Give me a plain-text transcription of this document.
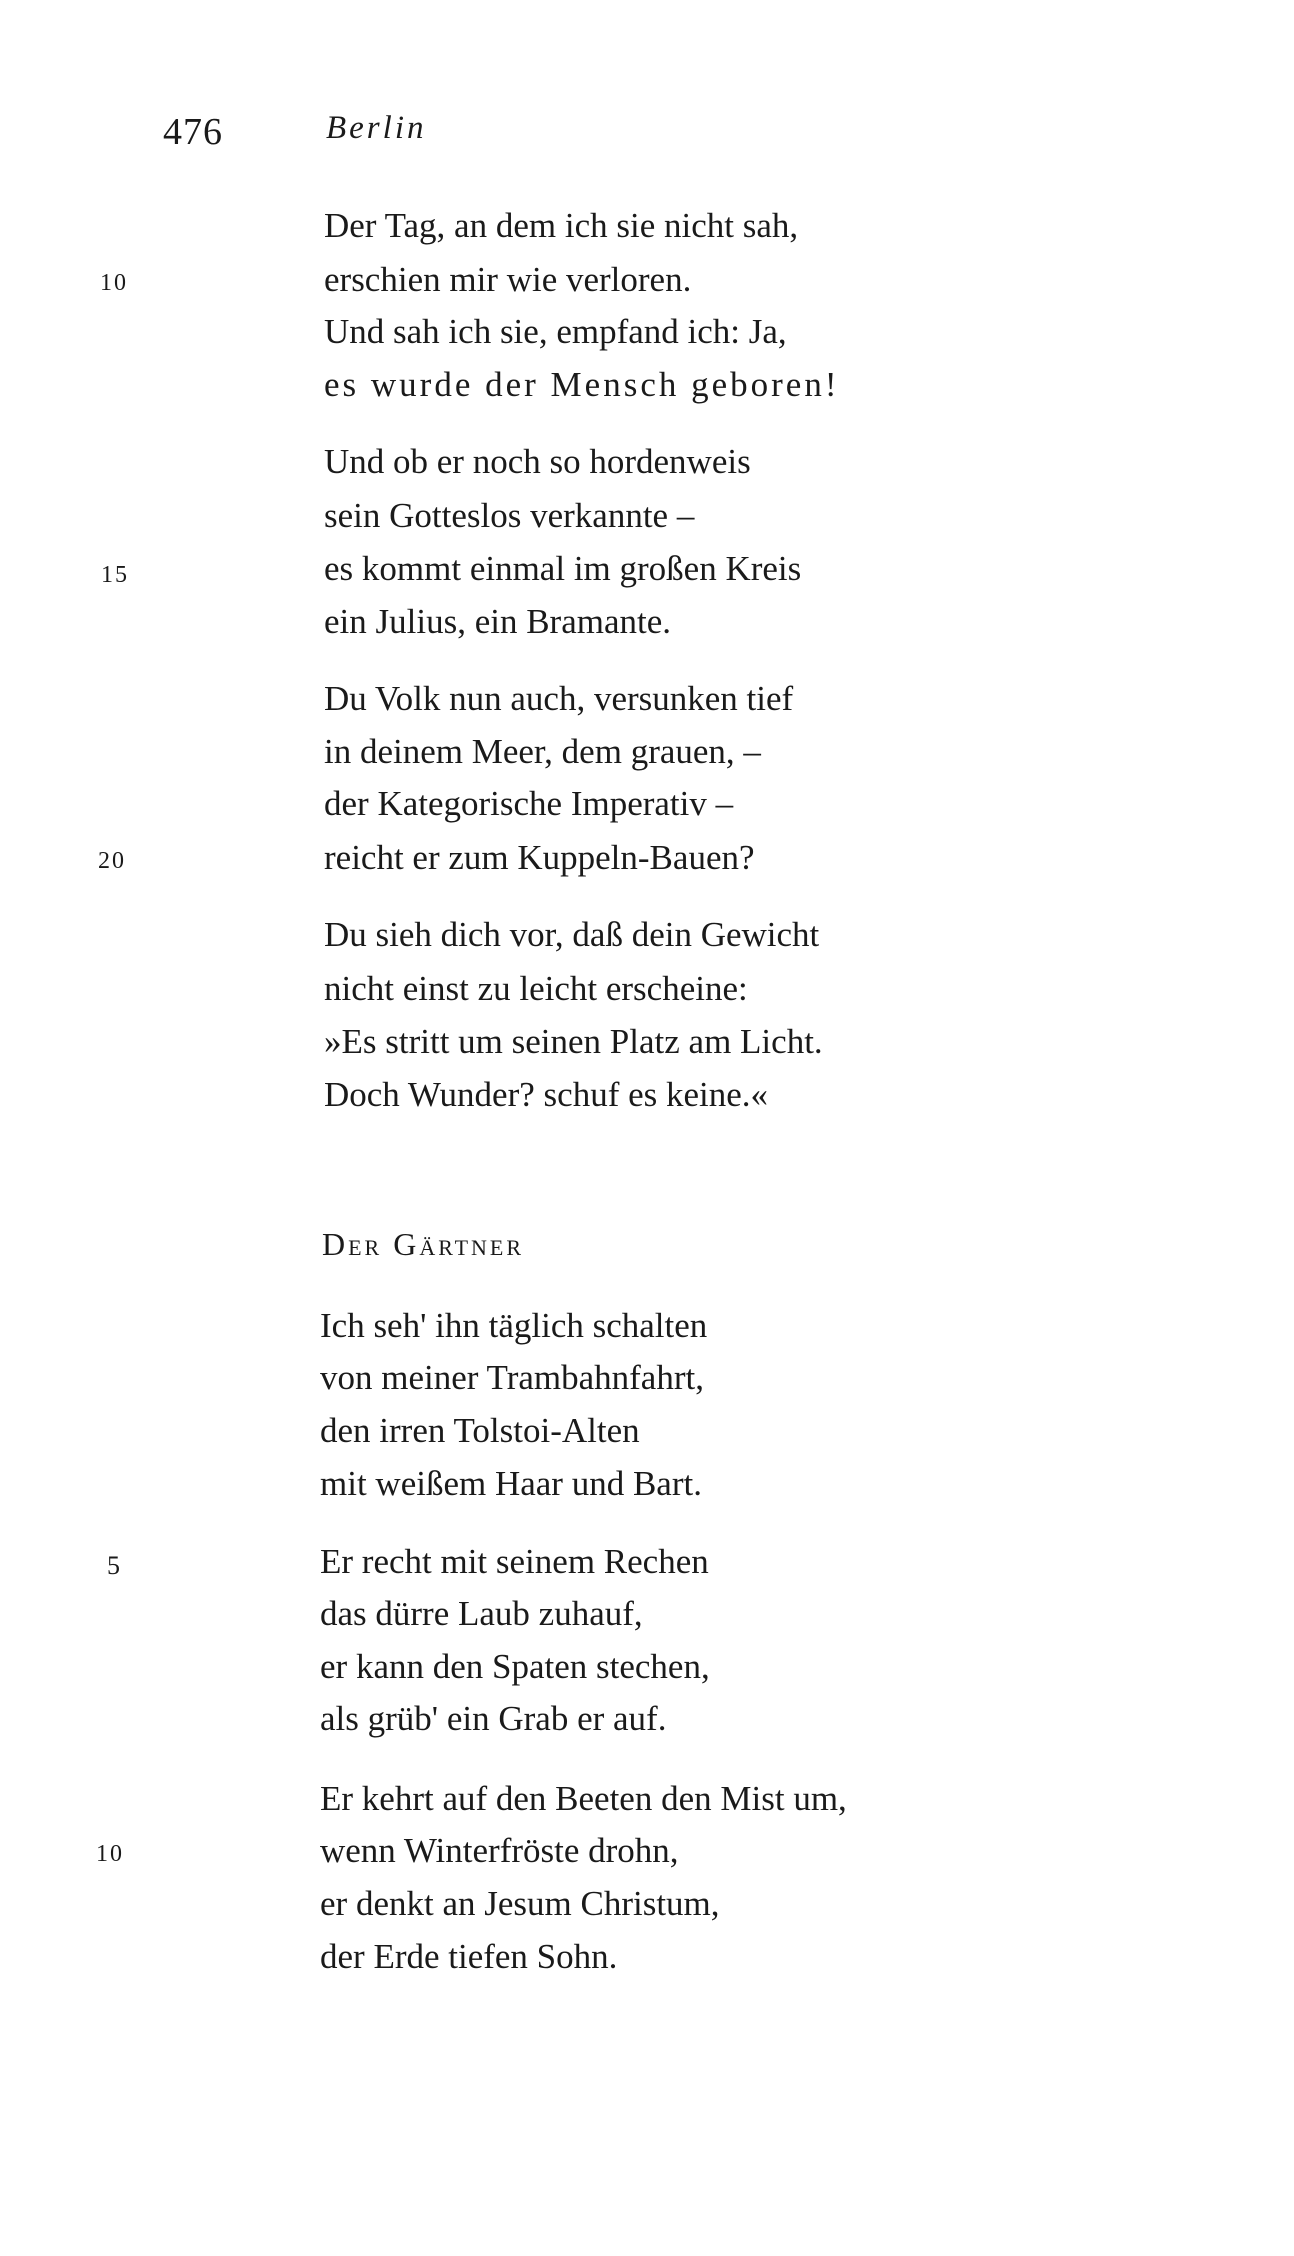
476	Berlin
Der Tag, an dem ich sie nicht sah,
erschien mir wie verloren.
10
Und sah ich sie, empfand ich: Ja,
es wurde der Mensch geboren!
Und ob er noch so hordenweis
sein Gotteslos verkannte –
es kommt einmal im großen Kreis
15
ein Julius, ein Bramante.
Du Volk nun auch, versunken tief
in deinem Meer, dem grauen, –
der Kategorische Imperativ –
reicht er zum Kuppeln-Bauen?
20
Du sieh dich vor, daß dein Gewicht
nicht einst zu leicht erscheine:
»Es stritt um seinen Platz am Licht.
Doch Wunder? schuf es keine.«
Der Gärtner
Ich seh' ihn täglich schalten
von meiner Trambahnfahrt,
den irren Tolstoi-Alten
mit weißem Haar und Bart.
Er recht mit seinem Rechen
5
das dürre Laub zuhauf,
er kann den Spaten stechen,
als grüb' ein Grab er auf.
Er kehrt auf den Beeten den Mist um,
wenn Winterfröste drohn,
10
er denkt an Jesum Christum,
der Erde tiefen Sohn.
